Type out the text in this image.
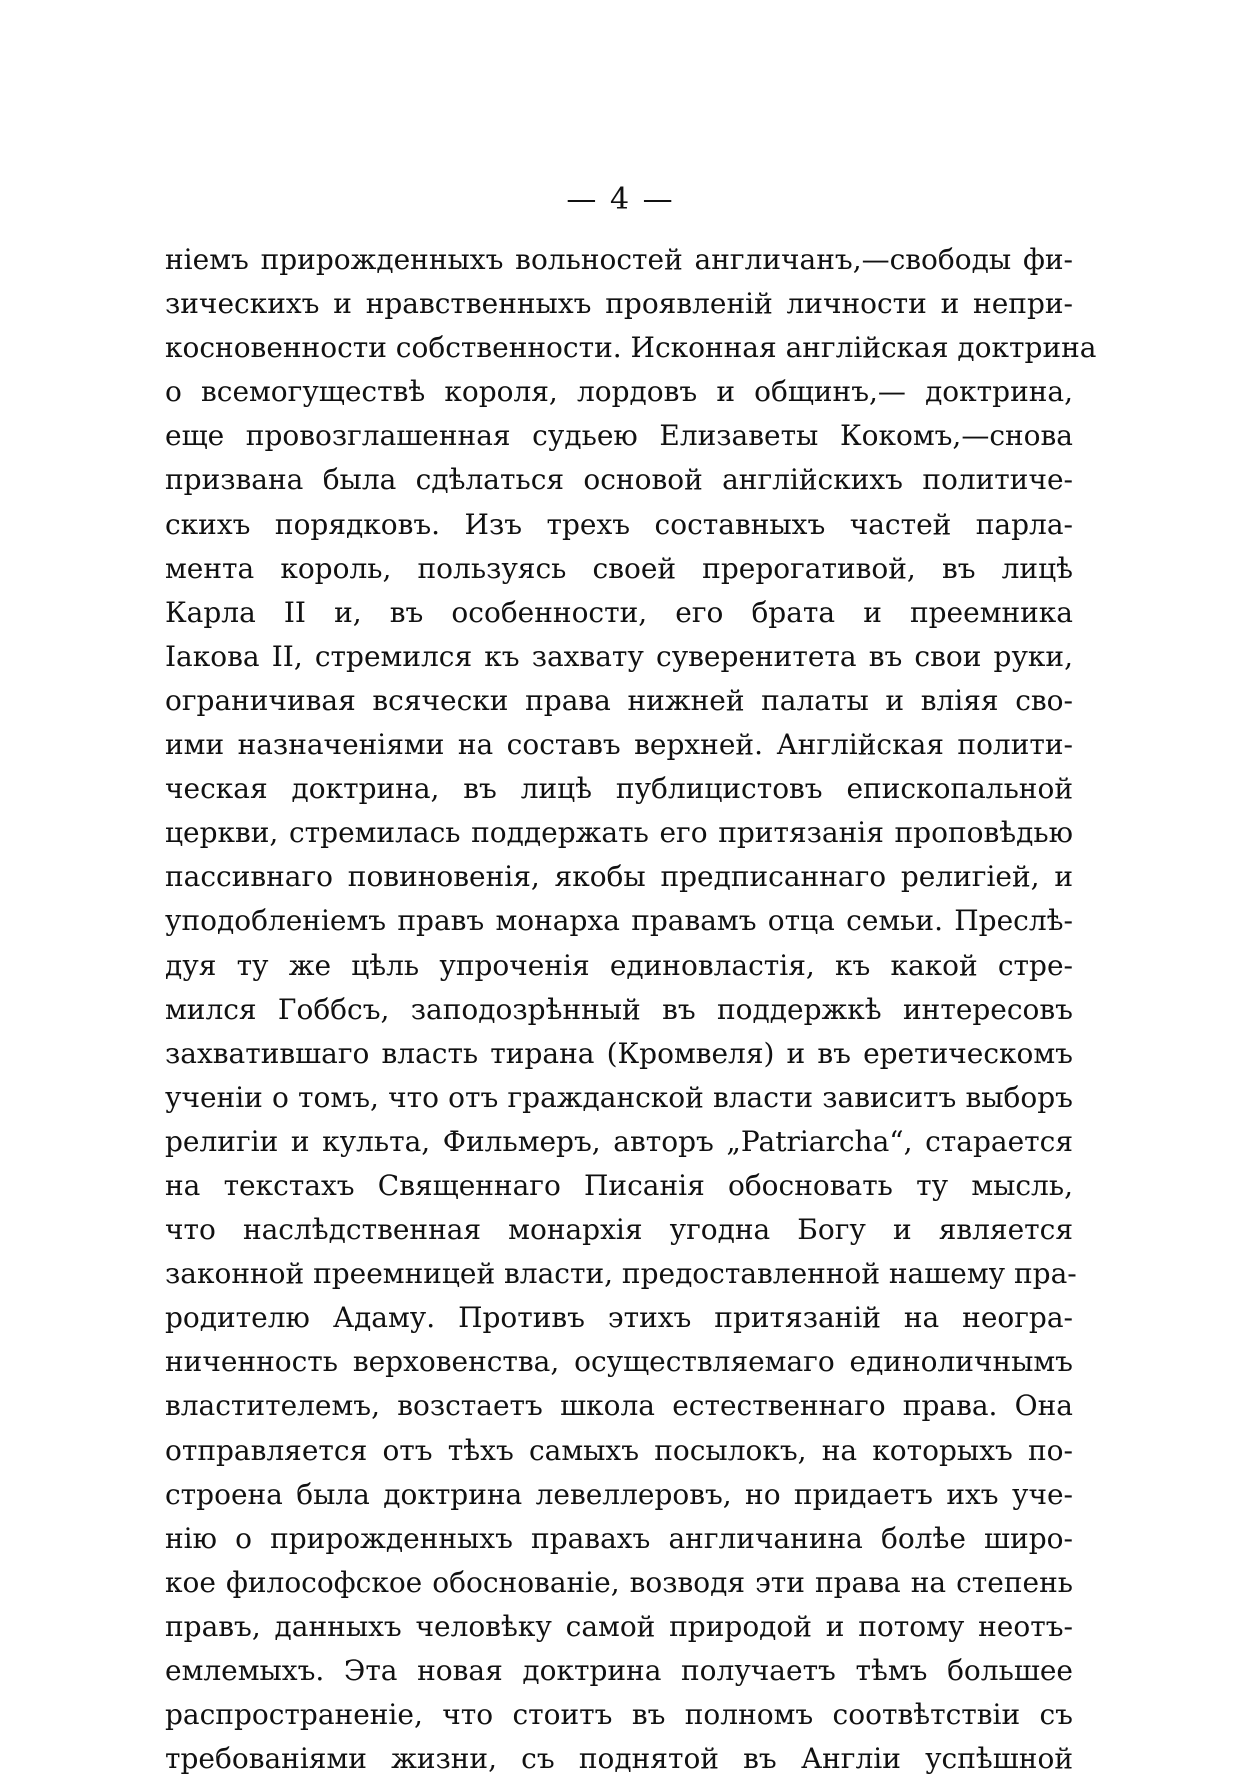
— 4 —
ніемъ прирожденныхъ вольностей англичанъ,—свободы фи-
зическихъ и нравственныхъ проявленій личности и непри-
косновенности собственности. Исконная англійская доктрина
о всемогуществѣ короля, лордовъ и общинъ,— доктрина,
еще провозглашенная судьею Елизаветы Кокомъ,—снова
призвана была сдѣлаться основой англійскихъ политиче-
скихъ порядковъ. Изъ трехъ составныхъ частей парла-
мента король, пользуясь своей прерогативой, въ лицѣ
Карла II и, въ особенности, его брата и преемника
Іакова II, стремился къ захвату суверенитета въ свои руки,
ограничивая всячески права нижней палаты и вліяя сво-
ими назначеніями на составъ верхней. Англійская полити-
ческая доктрина, въ лицѣ публицистовъ епископальной
церкви, стремилась поддержать его притязанія проповѣдью
пассивнаго повиновенія, якобы предписаннаго религіей, и
уподобленіемъ правъ монарха правамъ отца семьи. Преслѣ-
дуя ту же цѣль упроченія единовластія, къ какой стре-
мился Гоббсъ, заподозрѣнный въ поддержкѣ интересовъ
захватившаго власть тирана (Кромвеля) и въ еретическомъ
ученіи о томъ, что отъ гражданской власти зависитъ выборъ
религіи и культа, Фильмеръ, авторъ „Patriarcha“, старается
на текстахъ Священнаго Писанія обосновать ту мысль,
что наслѣдственная монархія угодна Богу и является
законной преемницей власти, предоставленной нашему пра-
родителю Адаму. Противъ этихъ притязаній на неогра-
ниченность верховенства, осуществляемаго единоличнымъ
властителемъ, возстаетъ школа естественнаго права. Она
отправляется отъ тѣхъ самыхъ посылокъ, на которыхъ по-
строена была доктрина левеллеровъ, но придаетъ ихъ уче-
нію о прирожденныхъ правахъ англичанина болѣе широ-
кое философское обоснованіе, возводя эти права на степень
правъ, данныхъ человѣку самой природой и потому неотъ-
емлемыхъ. Эта новая доктрина получаетъ тѣмъ большее
распространеніе, что стоитъ въ полномъ соотвѣтствіи съ
требованіями жизни, съ поднятой въ Англіи успѣшной
